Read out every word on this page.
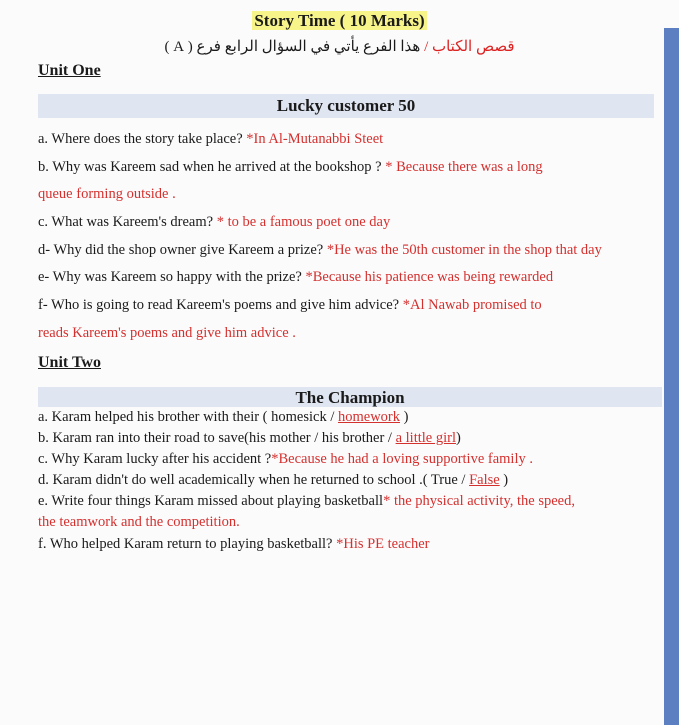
Story Time ( 10 Marks)
قصص الكتاب / هذا الفرع يأتي في السؤال الرابع فرع ( A )
Unit One
Lucky customer 50
a. Where does the story take place? *In Al-Mutanabbi Steet
b. Why was Kareem sad when he arrived at the bookshop ? * Because there was a long
queue forming outside .
c. What was Kareem's dream? * to be a famous poet one day
d- Why did the shop owner give Kareem a prize? *He was the 50th customer in the shop that day
e- Why was Kareem so happy with the prize? *Because his patience was being rewarded
f- Who is going to read Kareem's poems and give him advice? *Al Nawab promised to
reads Kareem's poems and give him advice .
Unit Two
The Champion
a. Karam helped his brother with their ( homesick / homework )
b. Karam ran into their road to save(his mother / his brother / a little girl)
c. Why Karam lucky after his accident ?*Because he had a loving supportive family .
d. Karam didn't do well academically when he returned to school .( True / False )
e. Write four things Karam missed about playing basketball* the physical activity, the speed,
the teamwork and the competition.
f. Who helped Karam return to playing basketball? *His PE teacher
